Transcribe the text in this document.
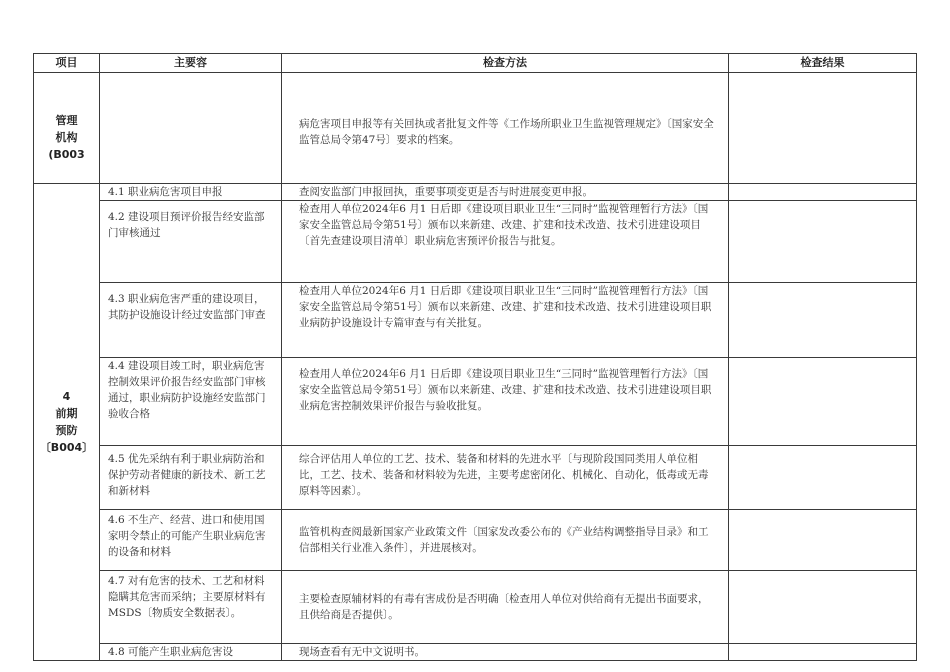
项目	主要容	检查方法	检查结果
管理
机构
(B003		病危害项目申报等有关回执或者批复文件等《工作场所职业卫生监视管理规定》〔国家安全监管总局令第47号〕要求的档案。	
4
前期
预防
〔B004〕	4.1 职业病危害项目申报	查阅安监部门申报回执，重要事项变更是否与时进展变更申报。	
	4.2 建设项目预评价报告经安监部门审核通过	检查用人单位2024年6 月1 日后即《建设项目职业卫生“三同时”监视管理暂行方法》〔国家安全监管总局令第51号〕颁布以来新建、改建、扩建和技术改造、技术引进建设项目〔首先查建设项目清单〕职业病危害预评价报告与批复。	
	4.3 职业病危害严重的建设项目，其防护设施设计经过安监部门审查	检查用人单位2024年6 月1 日后即《建设项目职业卫生“三同时”监视管理暂行方法》〔国家安全监管总局令第51号〕颁布以来新建、改建、扩建和技术改造、技术引进建设项目职业病防护设施设计专篇审查与有关批复。	
	4.4 建设项目竣工时，职业病危害控制效果评价报告经安监部门审核通过，职业病防护设施经安监部门验收合格	检查用人单位2024年6 月1 日后即《建设项目职业卫生“三同时”监视管理暂行方法》〔国家安全监管总局令第51号〕颁布以来新建、改建、扩建和技术改造、技术引进建设项目职业病危害控制效果评价报告与验收批复。	
	4.5 优先采纳有利于职业病防治和保护劳动者健康的新技术、新工艺和新材料	综合评估用人单位的工艺、技术、装备和材料的先进水平〔与现阶段国同类用人单位相比，工艺、技术、装备和材料较为先进，主要考虑密闭化、机械化、自动化，低毒或无毒原料等因素〕。	
	4.6 不生产、经营、进口和使用国家明令禁止的可能产生职业病危害的设备和材料	监管机构查阅最新国家产业政策文件〔国家发改委公布的《产业结构调整指导目录》和工信部相关行业准入条件〕，并进展核对。	
	4.7 对有危害的技术、工艺和材料隐瞒其危害而采纳；主要原材料有MSDS〔物质安全数据表〕。	主要检查原辅材料的有毒有害成份是否明确〔检查用人单位对供给商有无提出书面要求，且供给商是否提供〕。	
	4.8 可能产生职业病危害设	现场查看有无中文说明书。	
